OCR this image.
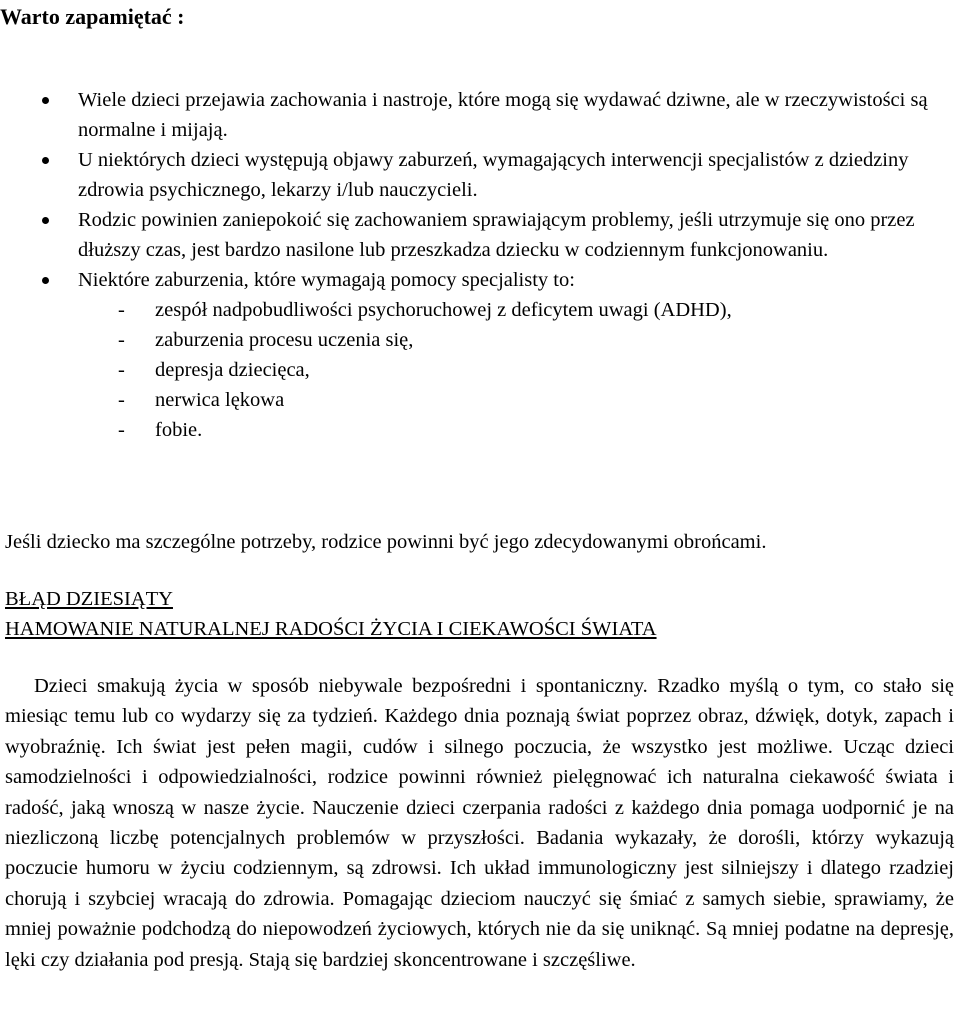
Warto zapamiętać :
Wiele dzieci przejawia zachowania i nastroje, które mogą się wydawać dziwne, ale w rzeczywistości są normalne i mijają.
U niektórych dzieci występują objawy zaburzeń, wymagających interwencji specjalistów z dziedziny zdrowia psychicznego, lekarzy i/lub nauczycieli.
Rodzic powinien zaniepokoić się zachowaniem sprawiającym problemy, jeśli utrzymuje się ono przez dłuższy czas, jest bardzo nasilone lub przeszkadza dziecku w codziennym funkcjonowaniu.
Niektóre zaburzenia, które wymagają pomocy specjalisty to:
- zespół nadpobudliwości psychoruchowej z deficytem uwagi (ADHD),
- zaburzenia procesu uczenia się,
- depresja dziecięca,
- nerwica lękowa
- fobie.
Jeśli dziecko ma szczególne potrzeby, rodzice powinni być jego zdecydowanymi obrońcami.
BŁĄD DZIESIĄTY
HAMOWANIE NATURALNEJ RADOŚCI ŻYCIA I CIEKAWOŚCI ŚWIATA

Dzieci smakują życia w sposób niebywale bezpośredni i spontaniczny. Rzadko myślą o tym, co stało się miesiąc temu lub co wydarzy się za tydzień. Każdego dnia poznają świat poprzez obraz, dźwięk, dotyk, zapach i wyobraźnię. Ich świat jest pełen magii, cudów i silnego poczucia, że wszystko jest możliwe. Ucząc dzieci samodzielności i odpowiedzialności, rodzice powinni również pielęgnować ich naturalna ciekawość świata i radość, jaką wnoszą w nasze życie. Nauczenie dzieci czerpania radości z każdego dnia pomaga uodpornić je na niezliczoną liczbę potencjalnych problemów w przyszłości. Badania wykazały, że dorośli, którzy wykazują poczucie humoru w życiu codziennym, są zdrowsi. Ich układ immunologiczny jest silniejszy i dlatego rzadziej chorują i szybciej wracają do zdrowia. Pomagając dzieciom nauczyć się śmiać z samych siebie, sprawiamy, że mniej poważnie podchodzą do niepowodzeń życiowych, których nie da się uniknąć. Są mniej podatne na depresję, lęki czy działania pod presją. Stają się bardziej skoncentrowane i szczęśliwe.
